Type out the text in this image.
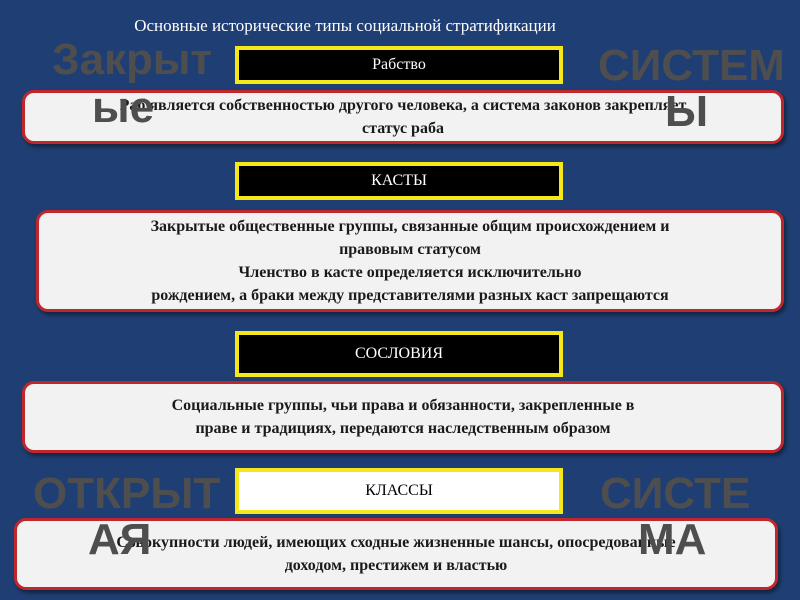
Основные исторические типы социальной стратификации
Рабство
Раб является собственностью другого человека, а система законов закрепляет
статус раба
КАСТЫ
Закрытые общественные группы, связанные общим происхождением и
правовым статусом
Членство в касте определяется исключительно
рождением, а браки между представителями разных каст запрещаются
СОСЛОВИЯ
Социальные группы, чьи права и обязанности, закрепленные в
праве и традициях, передаются наследственным образом
КЛАССЫ
Совокупности людей, имеющих сходные жизненные шансы, опосредованные
доходом, престижем и властью
Закрыт
ые
СИСТЕМ
Ы
ОТКРЫТ
АЯ
СИСТЕ
МА
